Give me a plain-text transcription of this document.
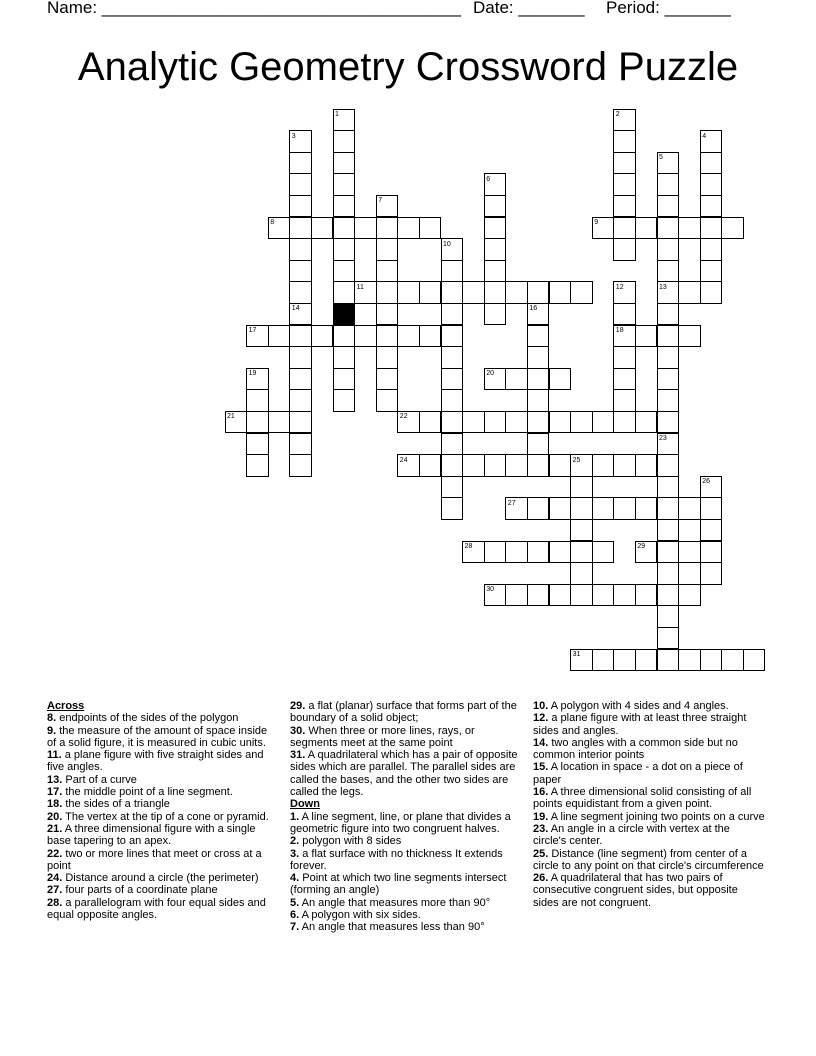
Name: ______________________________________ Date: _______ Period: _______
Analytic Geometry Crossword Puzzle
1	2
3	4
5
6
7
8	9
10
11	12	13
14	15	16
17	18
19	20
21	22
23
24	25
26
27
28	29
30
31
Across

8. endpoints of the sides of the polygon

9. the measure of the amount of space inside of a solid figure, it is measured in cubic units.

11. a plane figure with five straight sides and five angles.

13. Part of a curve

17. the middle point of a line segment.

18. the sides of a triangle

20. The vertex at the tip of a cone or pyramid.

21. A three dimensional figure with a single base tapering to an apex.

22. two or more lines that meet or cross at a point

24. Distance around a circle (the perimeter)

27. four parts of a coordinate plane

28. a parallelogram with four equal sides and equal opposite angles.

29. a flat (planar) surface that forms part of the boundary of a solid object;

30. When three or more lines, rays, or segments meet at the same point

31. A quadrilateral which has a pair of opposite sides which are parallel. The parallel sides are called the bases, and the other two sides are called the legs.

Down

1. A line segment, line, or plane that divides a geometric figure into two congruent halves.

2. polygon with 8 sides

3. a flat surface with no thickness It extends forever.

4. Point at which two line segments intersect (forming an angle)

5. An angle that measures more than 90°

6. A polygon with six sides.

7. An angle that measures less than 90°

10. A polygon with 4 sides and 4 angles.

12. a plane figure with at least three straight sides and angles.

14. two angles with a common side but no common interior points

15. A location in space - a dot on a piece of paper

16. A three dimensional solid consisting of all points equidistant from a given point.

19. A line segment joining two points on a curve

23. An angle in a circle with vertex at the circle's center.

25. Distance (line segment) from center of a circle to any point on that circle's circumference

26. A quadrilateral that has two pairs of consecutive congruent sides, but opposite sides are not congruent.
